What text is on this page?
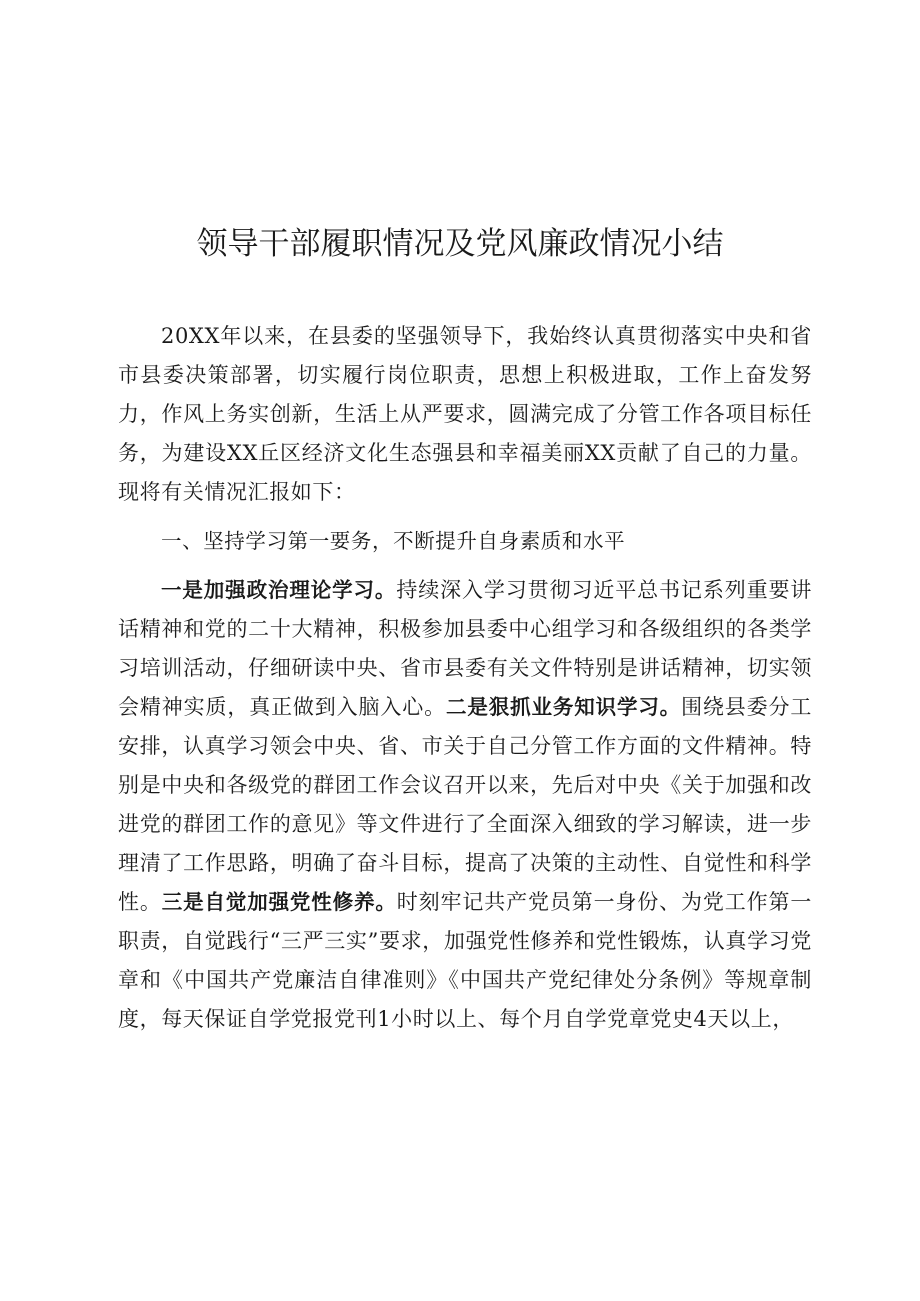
领导干部履职情况及党风廉政情况小结

20XX年以来，在县委的坚强领导下，我始终认真贯彻落实中央和省市县委决策部署，切实履行岗位职责，思想上积极进取，工作上奋发努力，作风上务实创新，生活上从严要求，圆满完成了分管工作各项目标任务，为建设XX丘区经济文化生态强县和幸福美丽XX贡献了自己的力量。现将有关情况汇报如下：

一、坚持学习第一要务，不断提升自身素质和水平

一是加强政治理论学习。持续深入学习贯彻习近平总书记系列重要讲话精神和党的二十大精神，积极参加县委中心组学习和各级组织的各类学习培训活动，仔细研读中央、省市县委有关文件特别是讲话精神，切实领会精神实质，真正做到入脑入心。二是狠抓业务知识学习。围绕县委分工安排，认真学习领会中央、省、市关于自己分管工作方面的文件精神。特别是中央和各级党的群团工作会议召开以来，先后对中央《关于加强和改进党的群团工作的意见》等文件进行了全面深入细致的学习解读，进一步理清了工作思路，明确了奋斗目标，提高了决策的主动性、自觉性和科学性。三是自觉加强党性修养。时刻牢记共产党员第一身份、为党工作第一职责，自觉践行“三严三实”要求，加强党性修养和党性锻炼，认真学习党章和《中国共产党廉洁自律准则》《中国共产党纪律处分条例》等规章制度，每天保证自学党报党刊1小时以上、每个月自学党章党史4天以上，
